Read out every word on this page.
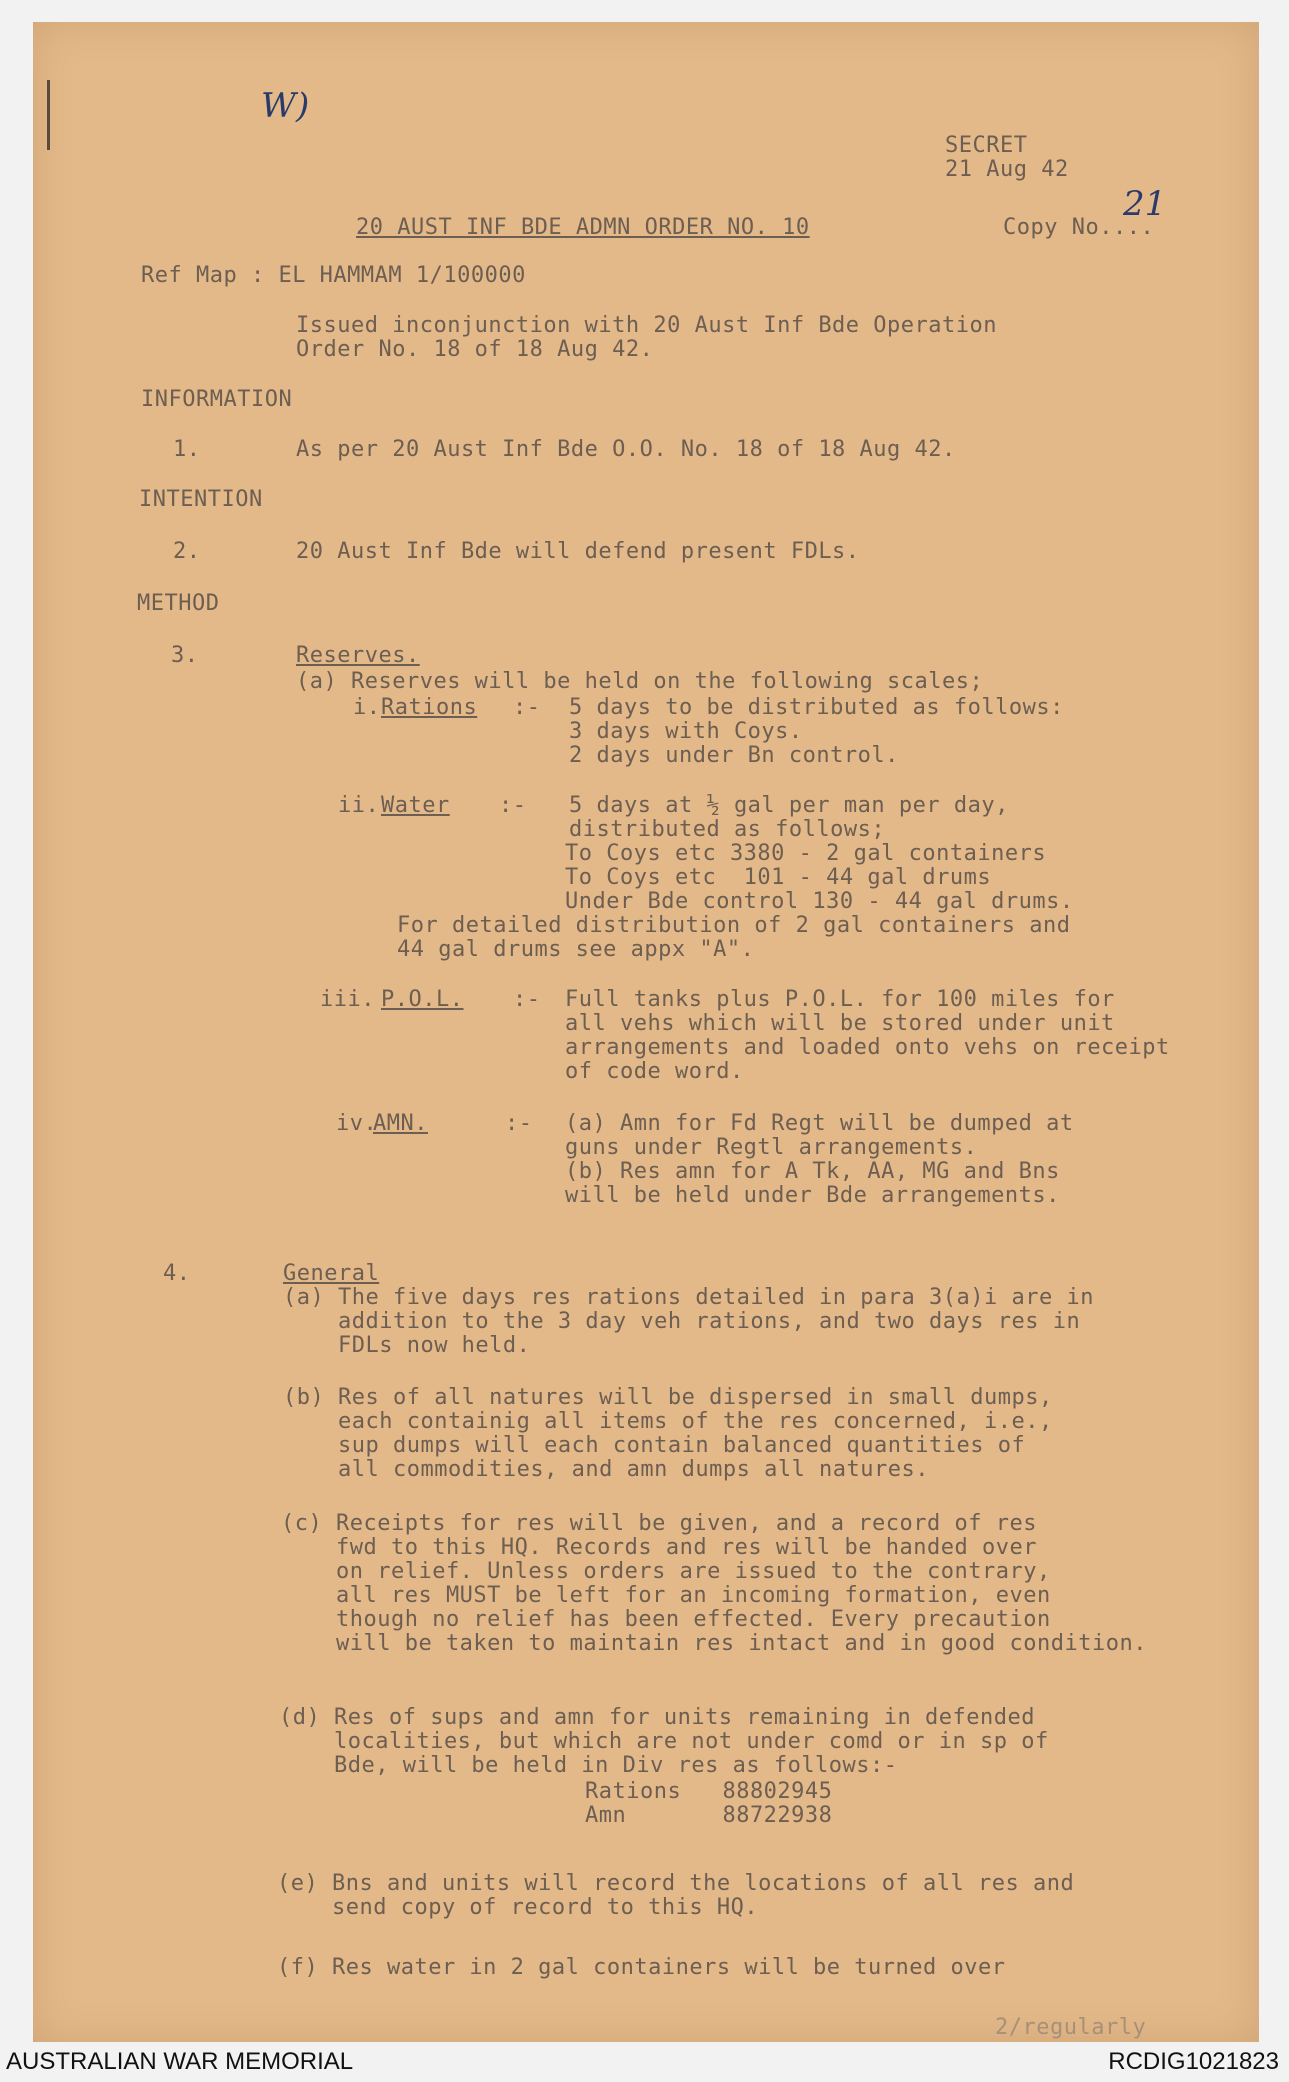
W)
SECRET
21 Aug 42
20 AUST INF BDE ADMN ORDER NO. 10	Copy No....
21
Ref Map : EL HAMMAM 1/100000
Issued inconjunction with 20 Aust Inf Bde Operation
Order No. 18 of 18 Aug 42.
INFORMATION
1.	As per 20 Aust Inf Bde O.O. No. 18 of 18 Aug 42.
INTENTION
2.	20 Aust Inf Bde will defend present FDLs.
METHOD
3.	Reserves.
(a) Reserves will be held on the following scales;
i. Rations :- 5 days to be distributed as follows:
3 days with Coys.
2 days under Bn control.
ii. Water :- 5 days at ½ gal per man per day,
distributed as follows;
To Coys etc 3380 - 2 gal containers
To Coys etc  101 - 44 gal drums
Under Bde control 130 - 44 gal drums.
For detailed distribution of 2 gal containers and
44 gal drums see appx "A".
iii. P.O.L. :- Full tanks plus P.O.L. for 100 miles for
all vehs which will be stored under unit
arrangements and loaded onto vehs on receipt
of code word.
iv.
AMN.	:- (a) Amn for Fd Regt will be dumped at
guns under Regtl arrangements.
(b) Res amn for A Tk, AA, MG and Bns
will be held under Bde arrangements.
4.	General
(a) The five days res rations detailed in para 3(a)i are in
addition to the 3 day veh rations, and two days res in
FDLs now held.
(b) Res of all natures will be dispersed in small dumps,
each containig all items of the res concerned, i.e.,
sup dumps will each contain balanced quantities of
all commodities, and amn dumps all natures.
(c) Receipts for res will be given, and a record of res
fwd to this HQ. Records and res will be handed over
on relief. Unless orders are issued to the contrary,
all res MUST be left for an incoming formation, even
though no relief has been effected. Every precaution
will be taken to maintain res intact and in good condition.
(d) Res of sups and amn for units remaining in defended
localities, but which are not under comd or in sp of
Bde, will be held in Div res as follows:-
Rations   88802945
Amn       88722938
(e) Bns and units will record the locations of all res and
send copy of record to this HQ.
(f) Res water in 2 gal containers will be turned over
2/regularly
AUSTRALIAN WAR MEMORIAL	RCDIG1021823
